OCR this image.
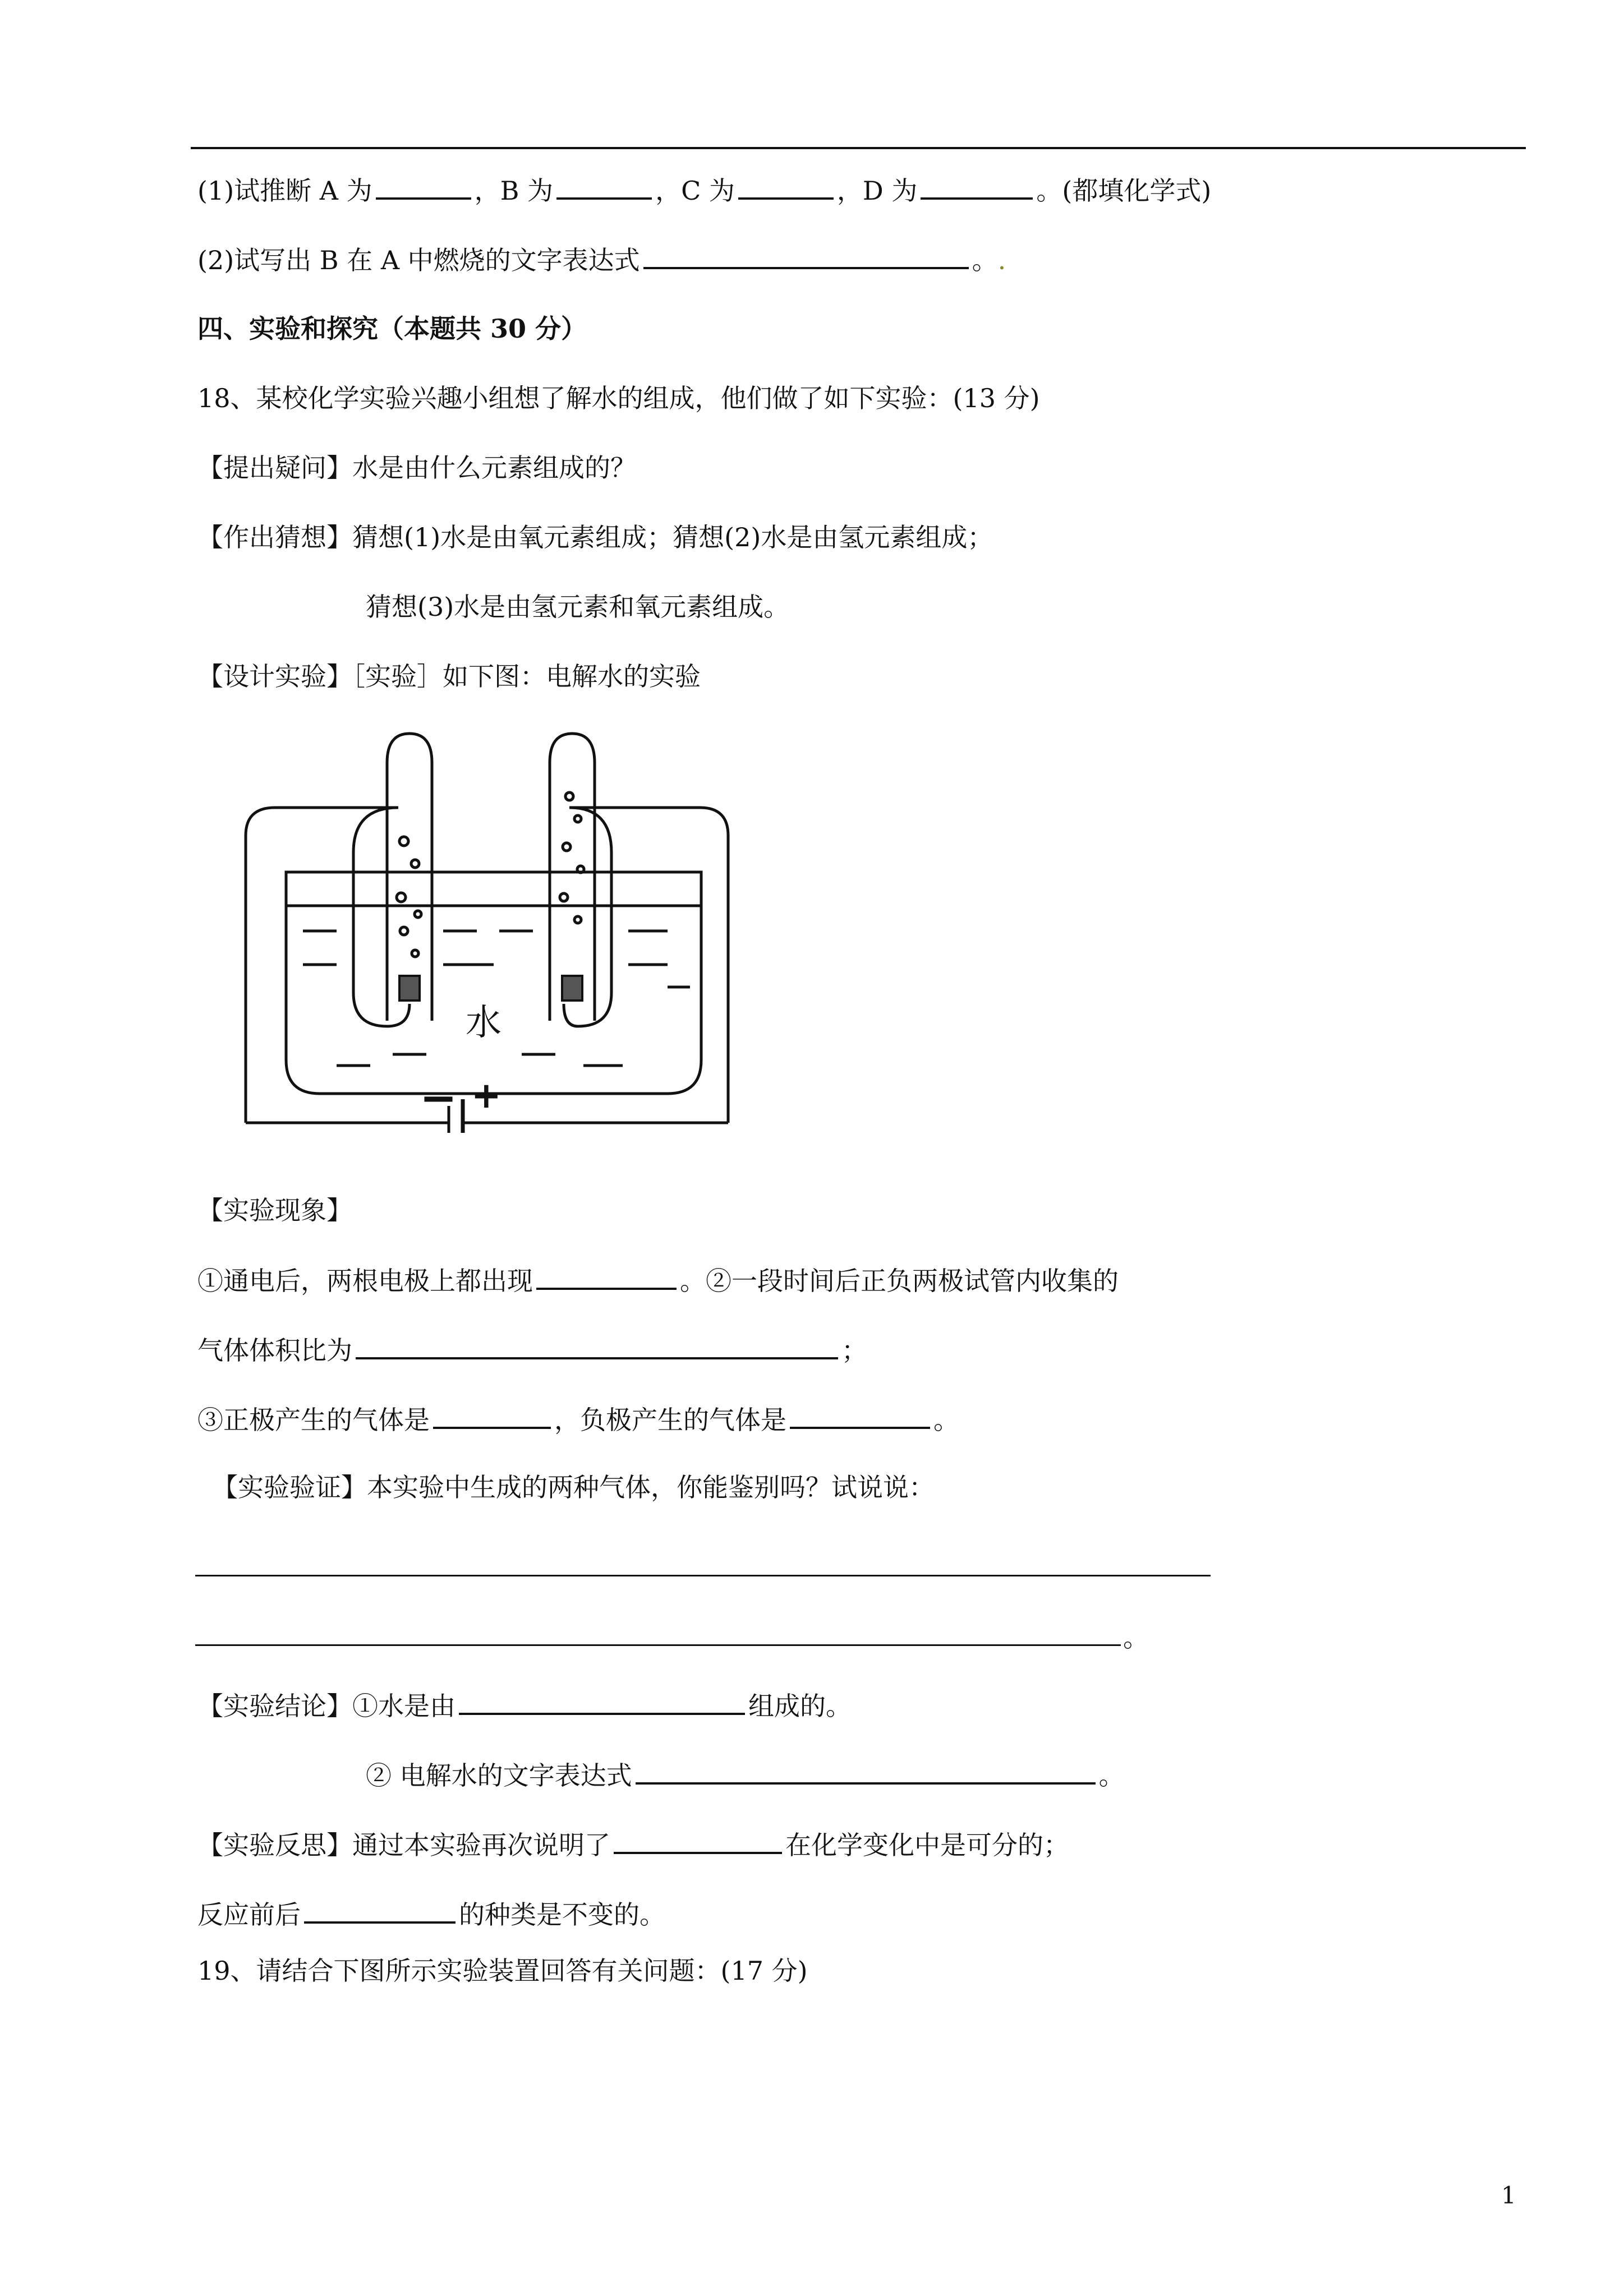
(1)试推断 A 为	，B 为	，C 为	，D 为	。(都填化学式)
(2)试写出 B 在 A 中燃烧的文字表达式	。.
四、实验和探究（本题共 30 分）
18、某校化学实验兴趣小组想了解水的组成，他们做了如下实验：(13 分)
【提出疑问】水是由什么元素组成的？
【作出猜想】猜想(1)水是由氧元素组成；猜想(2)水是由氢元素组成；
猜想(3)水是由氢元素和氧元素组成。
【设计实验】［实验］如下图：电解水的实验
水
− +
【实验现象】
①通电后，两根电极上都出现	。②一段时间后正负两极试管内收集的
气体体积比为	；
③正极产生的气体是	，负极产生的气体是	。
【实验验证】本实验中生成的两种气体，你能鉴别吗？试说说：
。
【实验结论】①水是由	组成的。
② 电解水的文字表达式	。
【实验反思】通过本实验再次说明了	在化学变化中是可分的；
反应前后	的种类是不变的。
19、请结合下图所示实验装置回答有关问题：(17 分)
1
